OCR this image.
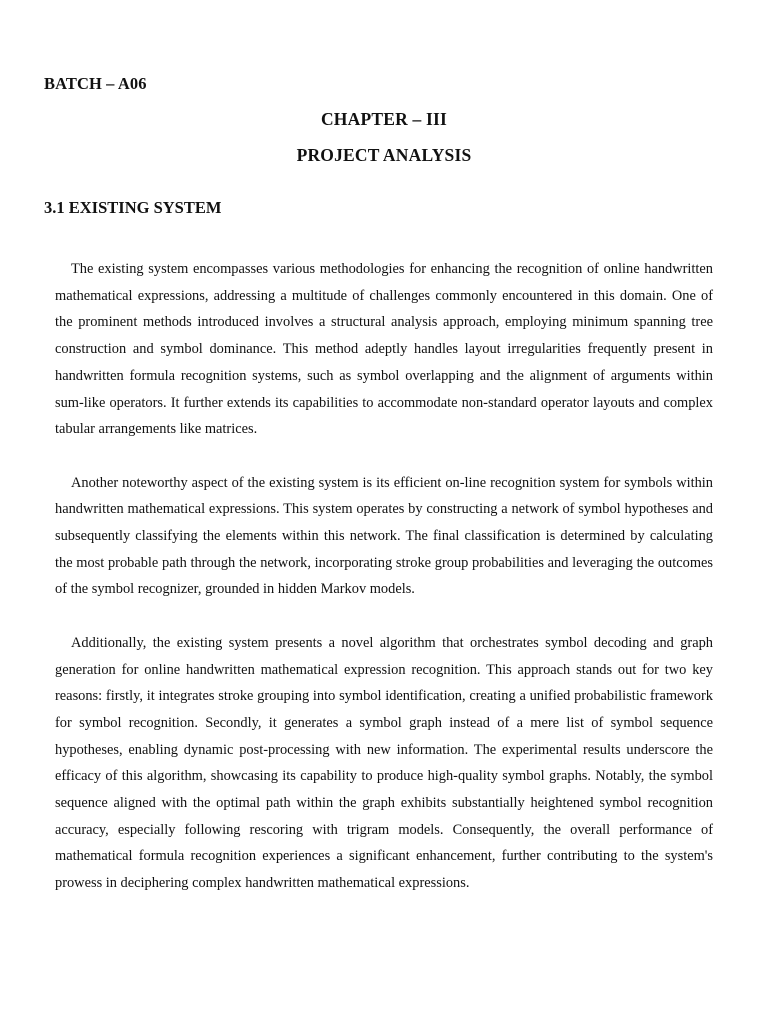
BATCH – A06
CHAPTER – III
PROJECT ANALYSIS
3.1 EXISTING SYSTEM

The existing system encompasses various methodologies for enhancing the recognition of online handwritten mathematical expressions, addressing a multitude of challenges commonly encountered in this domain. One of the prominent methods introduced involves a structural analysis approach, employing minimum spanning tree construction and symbol dominance. This method adeptly handles layout irregularities frequently present in handwritten formula recognition systems, such as symbol overlapping and the alignment of arguments within sum-like operators. It further extends its capabilities to accommodate non-standard operator layouts and complex tabular arrangements like matrices.

Another noteworthy aspect of the existing system is its efficient on-line recognition system for symbols within handwritten mathematical expressions. This system operates by constructing a network of symbol hypotheses and subsequently classifying the elements within this network. The final classification is determined by calculating the most probable path through the network, incorporating stroke group probabilities and leveraging the outcomes of the symbol recognizer, grounded in hidden Markov models.

Additionally, the existing system presents a novel algorithm that orchestrates symbol decoding and graph generation for online handwritten mathematical expression recognition. This approach stands out for two key reasons: firstly, it integrates stroke grouping into symbol identification, creating a unified probabilistic framework for symbol recognition. Secondly, it generates a symbol graph instead of a mere list of symbol sequence hypotheses, enabling dynamic post-processing with new information. The experimental results underscore the efficacy of this algorithm, showcasing its capability to produce high-quality symbol graphs. Notably, the symbol sequence aligned with the optimal path within the graph exhibits substantially heightened symbol recognition accuracy, especially following rescoring with trigram models. Consequently, the overall performance of mathematical formula recognition experiences a significant enhancement, further contributing to the system's prowess in deciphering complex handwritten mathematical expressions.
